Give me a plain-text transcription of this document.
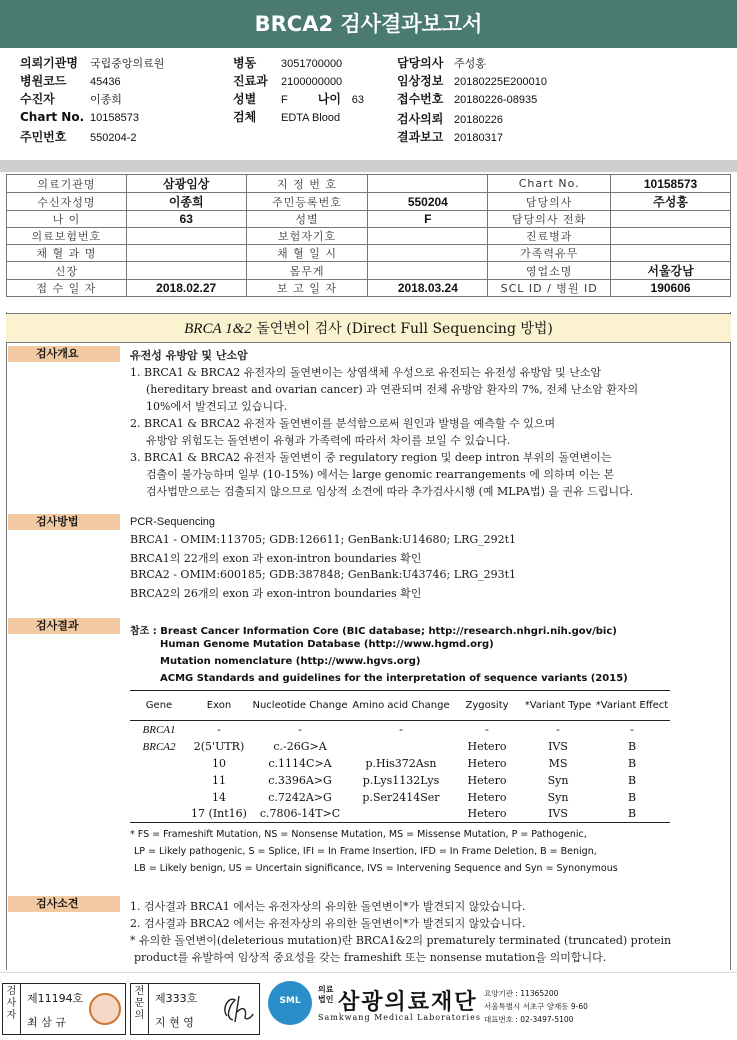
BRCA2 검사결과보고서
의뢰기관명 국립중앙의료원
병원코드 45436
수진자	이종희
Chart No. 10158573
주민번호 550204-2
병동 3051700000
진료과 2100000000
성별 F	나이 63
검체 EDTA Blood
담당의사 주성홍
임상정보 20180225E200010
접수번호 20180226-08935
검사의뢰 20180226
결과보고 20180317
의료기관명	삼광임상	지 정 번 호		Chart No.	10158573
수신자성명	이종희	주민등록번호	550204	담당의사	주성홍
나 이	63	성별	F	담당의사 전화	
의료보험번호		보험자기호		진료병과	
채 혈 과 명		채 혈 일 시		가족력유무	
신장		몸무게		영업소명	서울강남
접 수 일 자	2018.02.27	보 고 일 자	2018.03.24	SCL ID / 병원 ID	190606
BRCA 1&2 돌연변이 검사 (Direct Full Sequencing 방법)
검사개요	유전성 유방암 및 난소암
1. BRCA1 & BRCA2 유전자의 돌연변이는 상염색체 우성으로 유전되는 유전성 유방암 및 난소암
(hereditary breast and ovarian cancer) 과 연관되며 전체 유방암 환자의 7%, 전체 난소암 환자의
10%에서 발견되고 있습니다.
2. BRCA1 & BRCA2 유전자 돌연변이를 분석함으로써 원인과 발병을 예측할 수 있으며
유방암 위험도는 돌연변이 유형과 가족력에 따라서 차이를 보일 수 있습니다.
3. BRCA1 & BRCA2 유전자 돌연변이 중 regulatory region 및 deep intron 부위의 돌연변이는
검출이 불가능하며 일부 (10-15%) 에서는 large genomic rearrangements 에 의하며 이는 본
검사법만으로는 검출되지 않으므로 임상적 소견에 따라 추가검사시행 (예 MLPA법) 을 권유 드립니다.
검사방법	PCR-Sequencing
BRCA1 - OMIM:113705; GDB:126611; GenBank:U14680; LRG_292t1
BRCA1의 22개의 exon 과 exon-intron boundaries 확인
BRCA2 - OMIM:600185; GDB:387848; GenBank:U43746; LRG_293t1
BRCA2의 26개의 exon 과 exon-intron boundaries 확인
검사결과	참조 : Breast Cancer Information Core (BIC database; http://research.nhgri.nih.gov/bic)
Human Genome Mutation Database (http://www.hgmd.org)
Mutation nomenclature (http://www.hgvs.org)
ACMG Standards and guidelines for the interpretation of sequence variants (2015)
Gene	Exon	Nucleotide Change	Amino acid Change	Zygosity	*Variant Type	*Variant Effect
BRCA1	-	-	-	-	-	-
BRCA2	2(5'UTR)	c.-26G>A		Hetero	IVS	B
	10	c.1114C>A	p.His372Asn	Hetero	MS	B
	11	c.3396A>G	p.Lys1132Lys	Hetero	Syn	B
	14	c.7242A>G	p.Ser2414Ser	Hetero	Syn	B
	17 (Int16)	c.7806-14T>C		Hetero	IVS	B
* FS = Frameshift Mutation, NS = Nonsense Mutation, MS = Missense Mutation, P = Pathogenic,
LP = Likely pathogenic, S = Splice, IFI = In Frame Insertion, IFD = In Frame Deletion, B = Benign,
LB = Likely benign, US = Uncertain significance, IVS = Intervening Sequence and Syn = Synonymous
검사소견	1. 검사결과 BRCA1 에서는 유전자상의 유의한 돌연변이*가 발견되지 않았습니다.
2. 검사결과 BRCA2 에서는 유전자상의 유의한 돌연변이*가 발견되지 않았습니다.
* 유의한 돌연변이(deleterious mutation)란 BRCA1&2의 prematurely terminated (truncated) protein
product를 유발하여 임상적 중요성을 갖는 frameshift 또는 nonsense mutation을 의미합니다.
검사자
제11194호
최 삼 규
전문의
제333호
지 현 영
SML
의료법인 삼광의료재단
Samkwang Medical Laboratories
요양기관 : 11365200
서울특별시 서초구 양재동 9-60
대표번호 : 02-3497-5100
